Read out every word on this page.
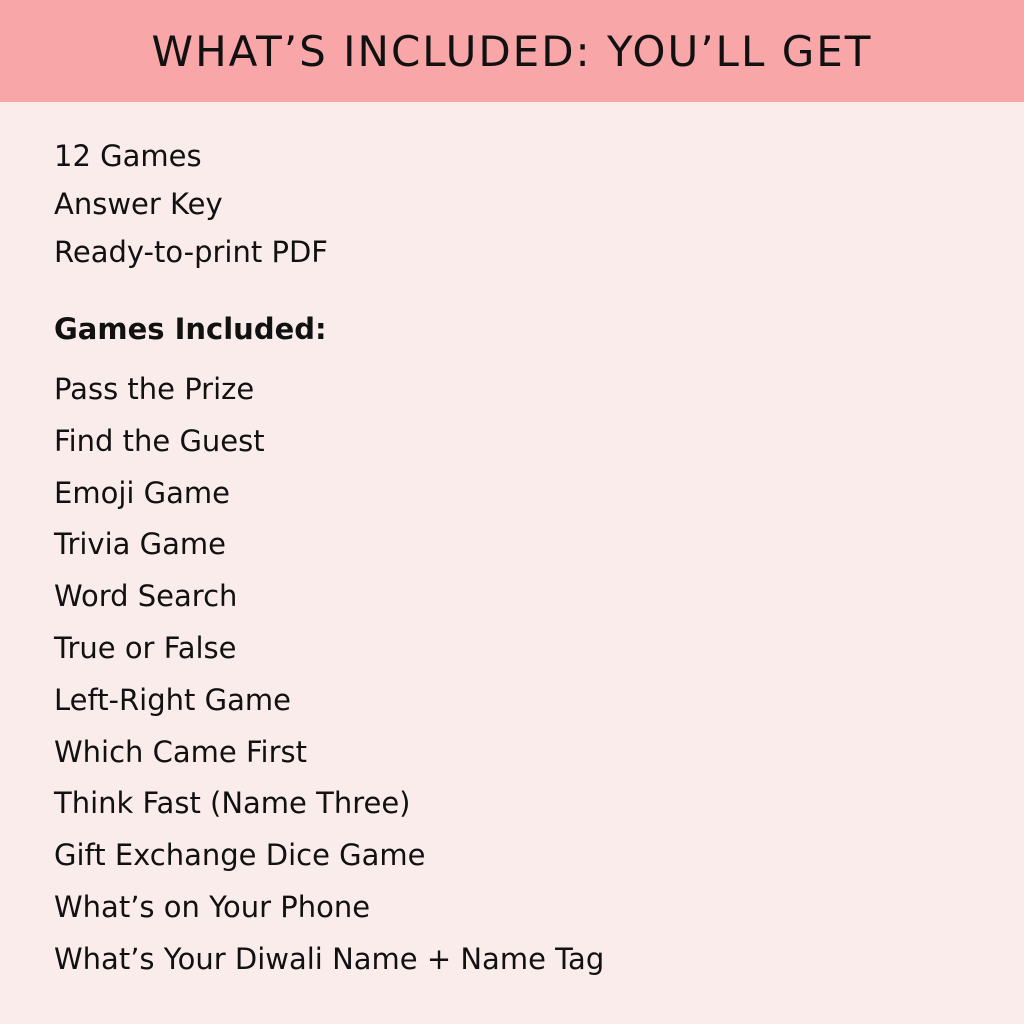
WHAT’S INCLUDED: YOU’LL GET
12 Games
Answer Key
Ready-to-print PDF
Games Included:
Pass the Prize
Find the Guest
Emoji Game
Trivia Game
Word Search
True or False
Left-Right Game
Which Came First
Think Fast (Name Three)
Gift Exchange Dice Game
What’s on Your Phone
What’s Your Diwali Name + Name Tag
